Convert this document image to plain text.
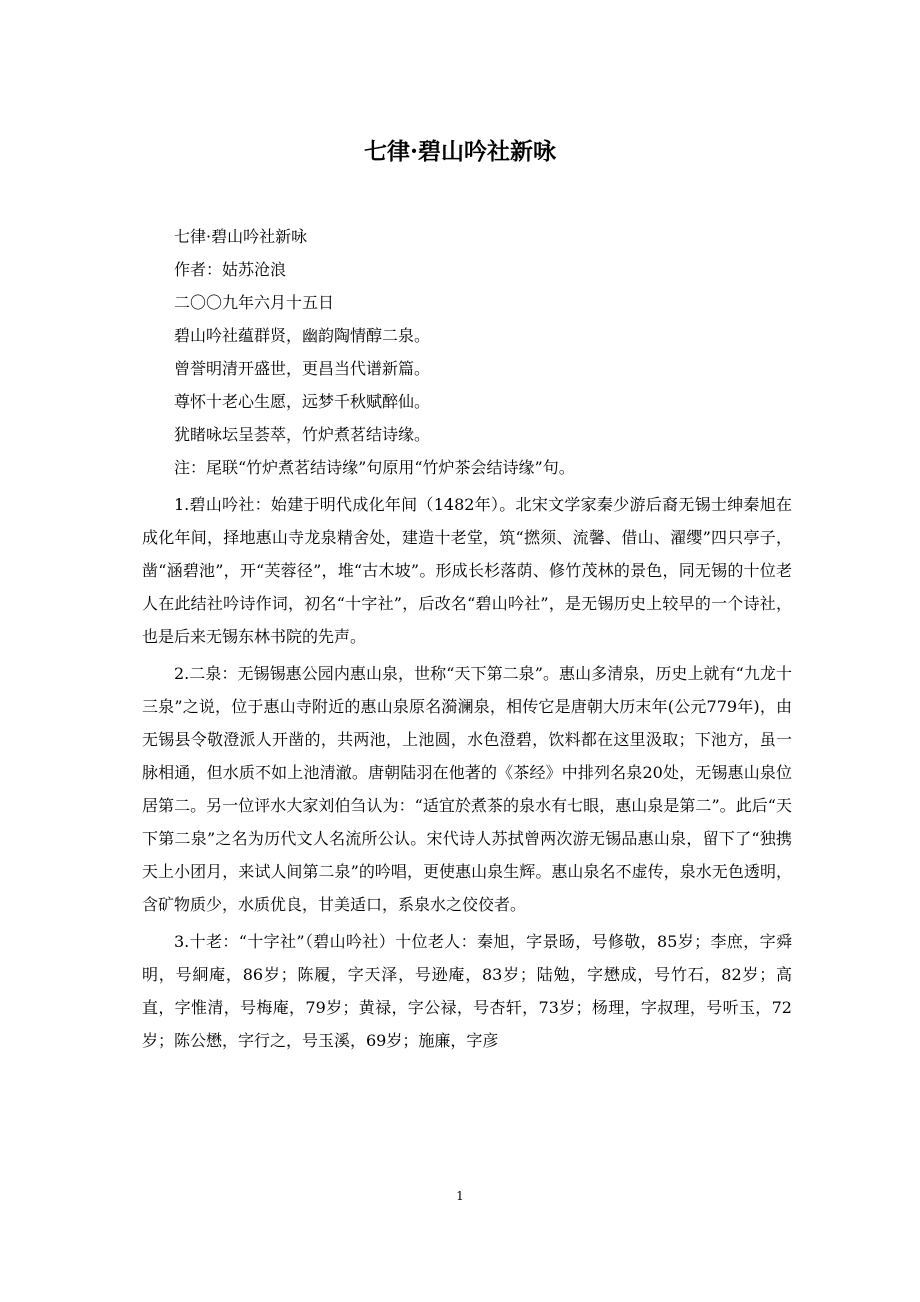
七律·碧山吟社新咏

七律·碧山吟社新咏

作者：姑苏沧浪

二〇〇九年六月十五日

碧山吟社蕴群贤，幽韵陶情醇二泉。

曾誉明清开盛世，更昌当代谱新篇。

尊怀十老心生愿，远梦千秋赋醉仙。

犹睹咏坛呈荟萃，竹炉煮茗结诗缘。

注：尾联“竹炉煮茗结诗缘”句原用“竹炉茶会结诗缘”句。

1.碧山吟社：始建于明代成化年间（1482年）。北宋文学家秦少游后裔无锡士绅秦旭在成化年间，择地惠山寺龙泉精舍处，建造十老堂，筑“撚须、流馨、借山、濯缨”四只亭子，凿“涵碧池”，开“芙蓉径”，堆“古木坡”。形成长杉落荫、修竹茂林的景色，同无锡的十位老人在此结社吟诗作词，初名“十字社”，后改名“碧山吟社”，是无锡历史上较早的一个诗社，也是后来无锡东林书院的先声。

2.二泉：无锡锡惠公园内惠山泉，世称“天下第二泉”。惠山多清泉，历史上就有“九龙十三泉”之说，位于惠山寺附近的惠山泉原名漪澜泉，相传它是唐朝大历末年(公元779年)，由无锡县令敬澄派人开凿的，共两池，上池圆，水色澄碧，饮料都在这里汲取；下池方，虽一脉相通，但水质不如上池清澈。唐朝陆羽在他著的《茶经》中排列名泉20处，无锡惠山泉位居第二。另一位评水大家刘伯刍认为：“适宜於煮茶的泉水有七眼，惠山泉是第二”。此后“天下第二泉”之名为历代文人名流所公认。宋代诗人苏拭曾两次游无锡品惠山泉，留下了“独携天上小团月，来试人间第二泉”的吟唱，更使惠山泉生辉。惠山泉名不虚传，泉水无色透明，含矿物质少，水质优良，甘美适口，系泉水之佼佼者。

3.十老：“十字社”（碧山吟社）十位老人：秦旭，字景旸，号修敬，85岁；李庶，字舜明，号絅庵，86岁；陈履，字天泽，号逊庵，83岁；陆勉，字懋成，号竹石，82岁；高直，字惟清，号梅庵，79岁；黄禄，字公禄，号杏轩，73岁；杨理，字叔理，号听玉，72岁；陈公懋，字行之，号玉溪，69岁；施廉，字彦

1
